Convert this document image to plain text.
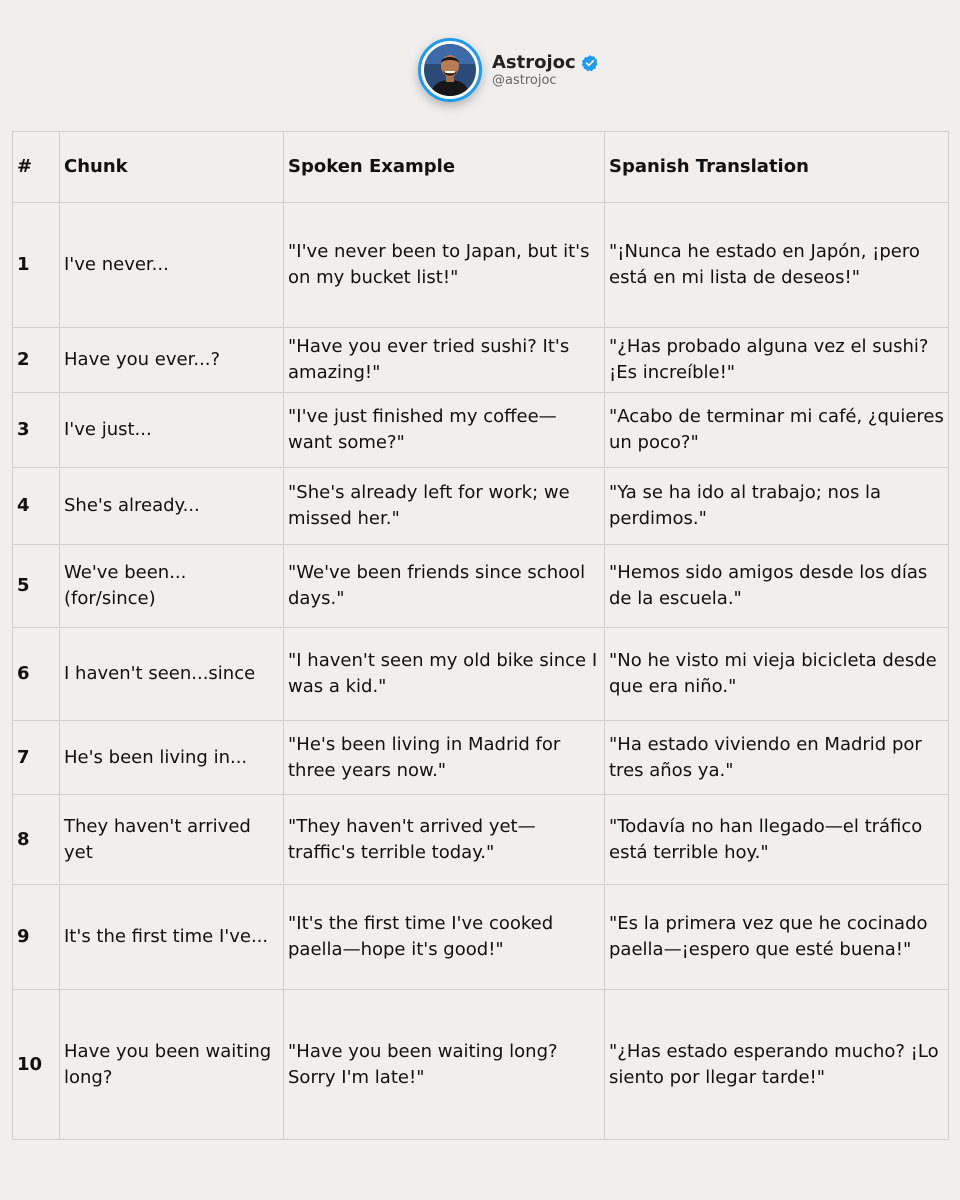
Astrojoc
@astrojoc
#	Chunk	Spoken Example	Spanish Translation
1	I've never...	"I've never been to Japan, but it's on my bucket list!"	"¡Nunca he estado en Japón, ¡pero está en mi lista de deseos!"
2	Have you ever...?	"Have you ever tried sushi? It's amazing!"	"¿Has probado alguna vez el sushi? ¡Es increíble!"
3	I've just...	"I've just finished my coffee—want some?"	"Acabo de terminar mi café, ¿quieres un poco?"
4	She's already...	"She's already left for work; we missed her."	"Ya se ha ido al trabajo; nos la perdimos."
5	We've been... (for/since)	"We've been friends since school days."	"Hemos sido amigos desde los días de la escuela."
6	I haven't seen...since	"I haven't seen my old bike since I was a kid."	"No he visto mi vieja bicicleta desde que era niño."
7	He's been living in...	"He's been living in Madrid for three years now."	"Ha estado viviendo en Madrid por tres años ya."
8	They haven't arrived yet	"They haven't arrived yet—traffic's terrible today."	"Todavía no han llegado—el tráfico está terrible hoy."
9	It's the first time I've...	"It's the first time I've cooked paella—hope it's good!"	"Es la primera vez que he cocinado paella—¡espero que esté buena!"
10	Have you been waiting long?	"Have you been waiting long? Sorry I'm late!"	"¿Has estado esperando mucho? ¡Lo siento por llegar tarde!"
